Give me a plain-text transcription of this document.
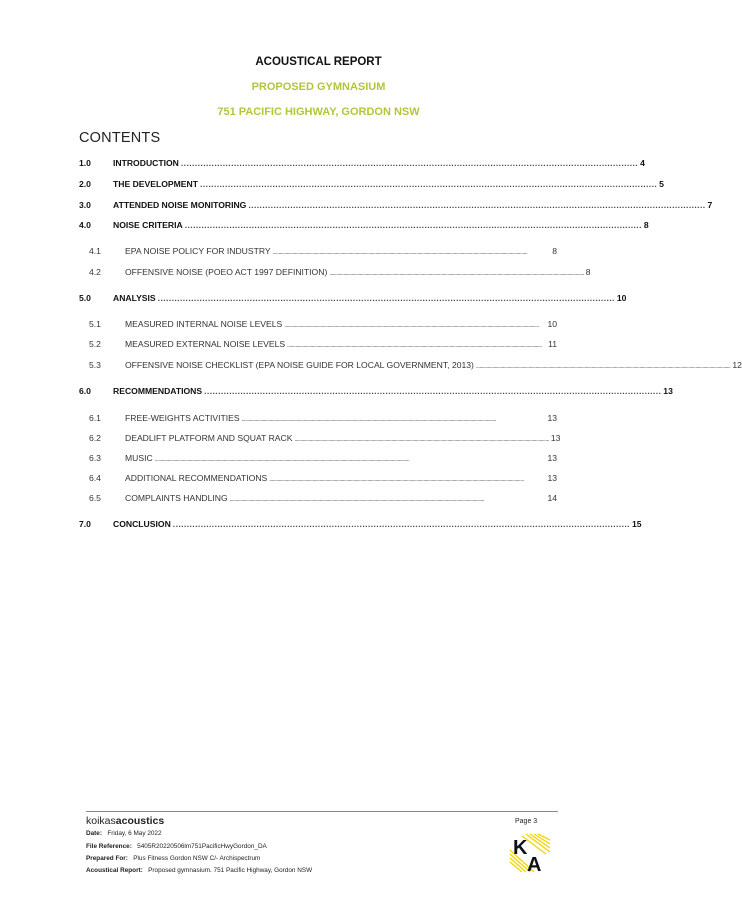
ACOUSTICAL REPORT
PROPOSED GYMNASIUM
751 PACIFIC HIGHWAY, GORDON NSW
CONTENTS
1.0	INTRODUCTION .................................................................................................................................................................... 4
2.0	THE DEVELOPMENT .................................................................................................................................................................... 5
3.0	ATTENDED NOISE MONITORING .................................................................................................................................................................... 7
4.0	NOISE CRITERIA .................................................................................................................................................................... 8
4.1	EPA NOISE POLICY FOR INDUSTRY ..........................................................................................................................................................................................................................	8
4.2	OFFENSIVE NOISE (POEO ACT 1997 DEFINITION) .......................................................................................................................................................................................................................... 8
5.0	ANALYSIS .................................................................................................................................................................... 10
5.1	MEASURED INTERNAL NOISE LEVELS ..........................................................................................................................................................................................................................	10
5.2	MEASURED EXTERNAL NOISE LEVELS .......................................................................................................................................................................................................................... 11
5.3	OFFENSIVE NOISE CHECKLIST (EPA NOISE GUIDE FOR LOCAL GOVERNMENT, 2013) .......................................................................................................................................................................................................................... 12
6.0	RECOMMENDATIONS .................................................................................................................................................................... 13
6.1	FREE-WEIGHTS ACTIVITIES ..........................................................................................................................................................................................................................	13
6.2	DEADLIFT PLATFORM AND SQUAT RACK .......................................................................................................................................................................................................................... 13
6.3	MUSIC ..........................................................................................................................................................................................................................	13
6.4	ADDITIONAL RECOMMENDATIONS ..........................................................................................................................................................................................................................	13
6.5	COMPLAINTS HANDLING ..........................................................................................................................................................................................................................	14
7.0	CONCLUSION .................................................................................................................................................................... 15
koikasacoustics
Date: Friday, 6 May 2022
File Reference: 5405R20220506lm751PacificHwyGordon_DA
Prepared For: Plus Fitness Gordon NSW C/- Archispectrum
Acoustical Report: Proposed gymnasium. 751 Pacific Highway, Gordon NSW
Page 3
K
A
